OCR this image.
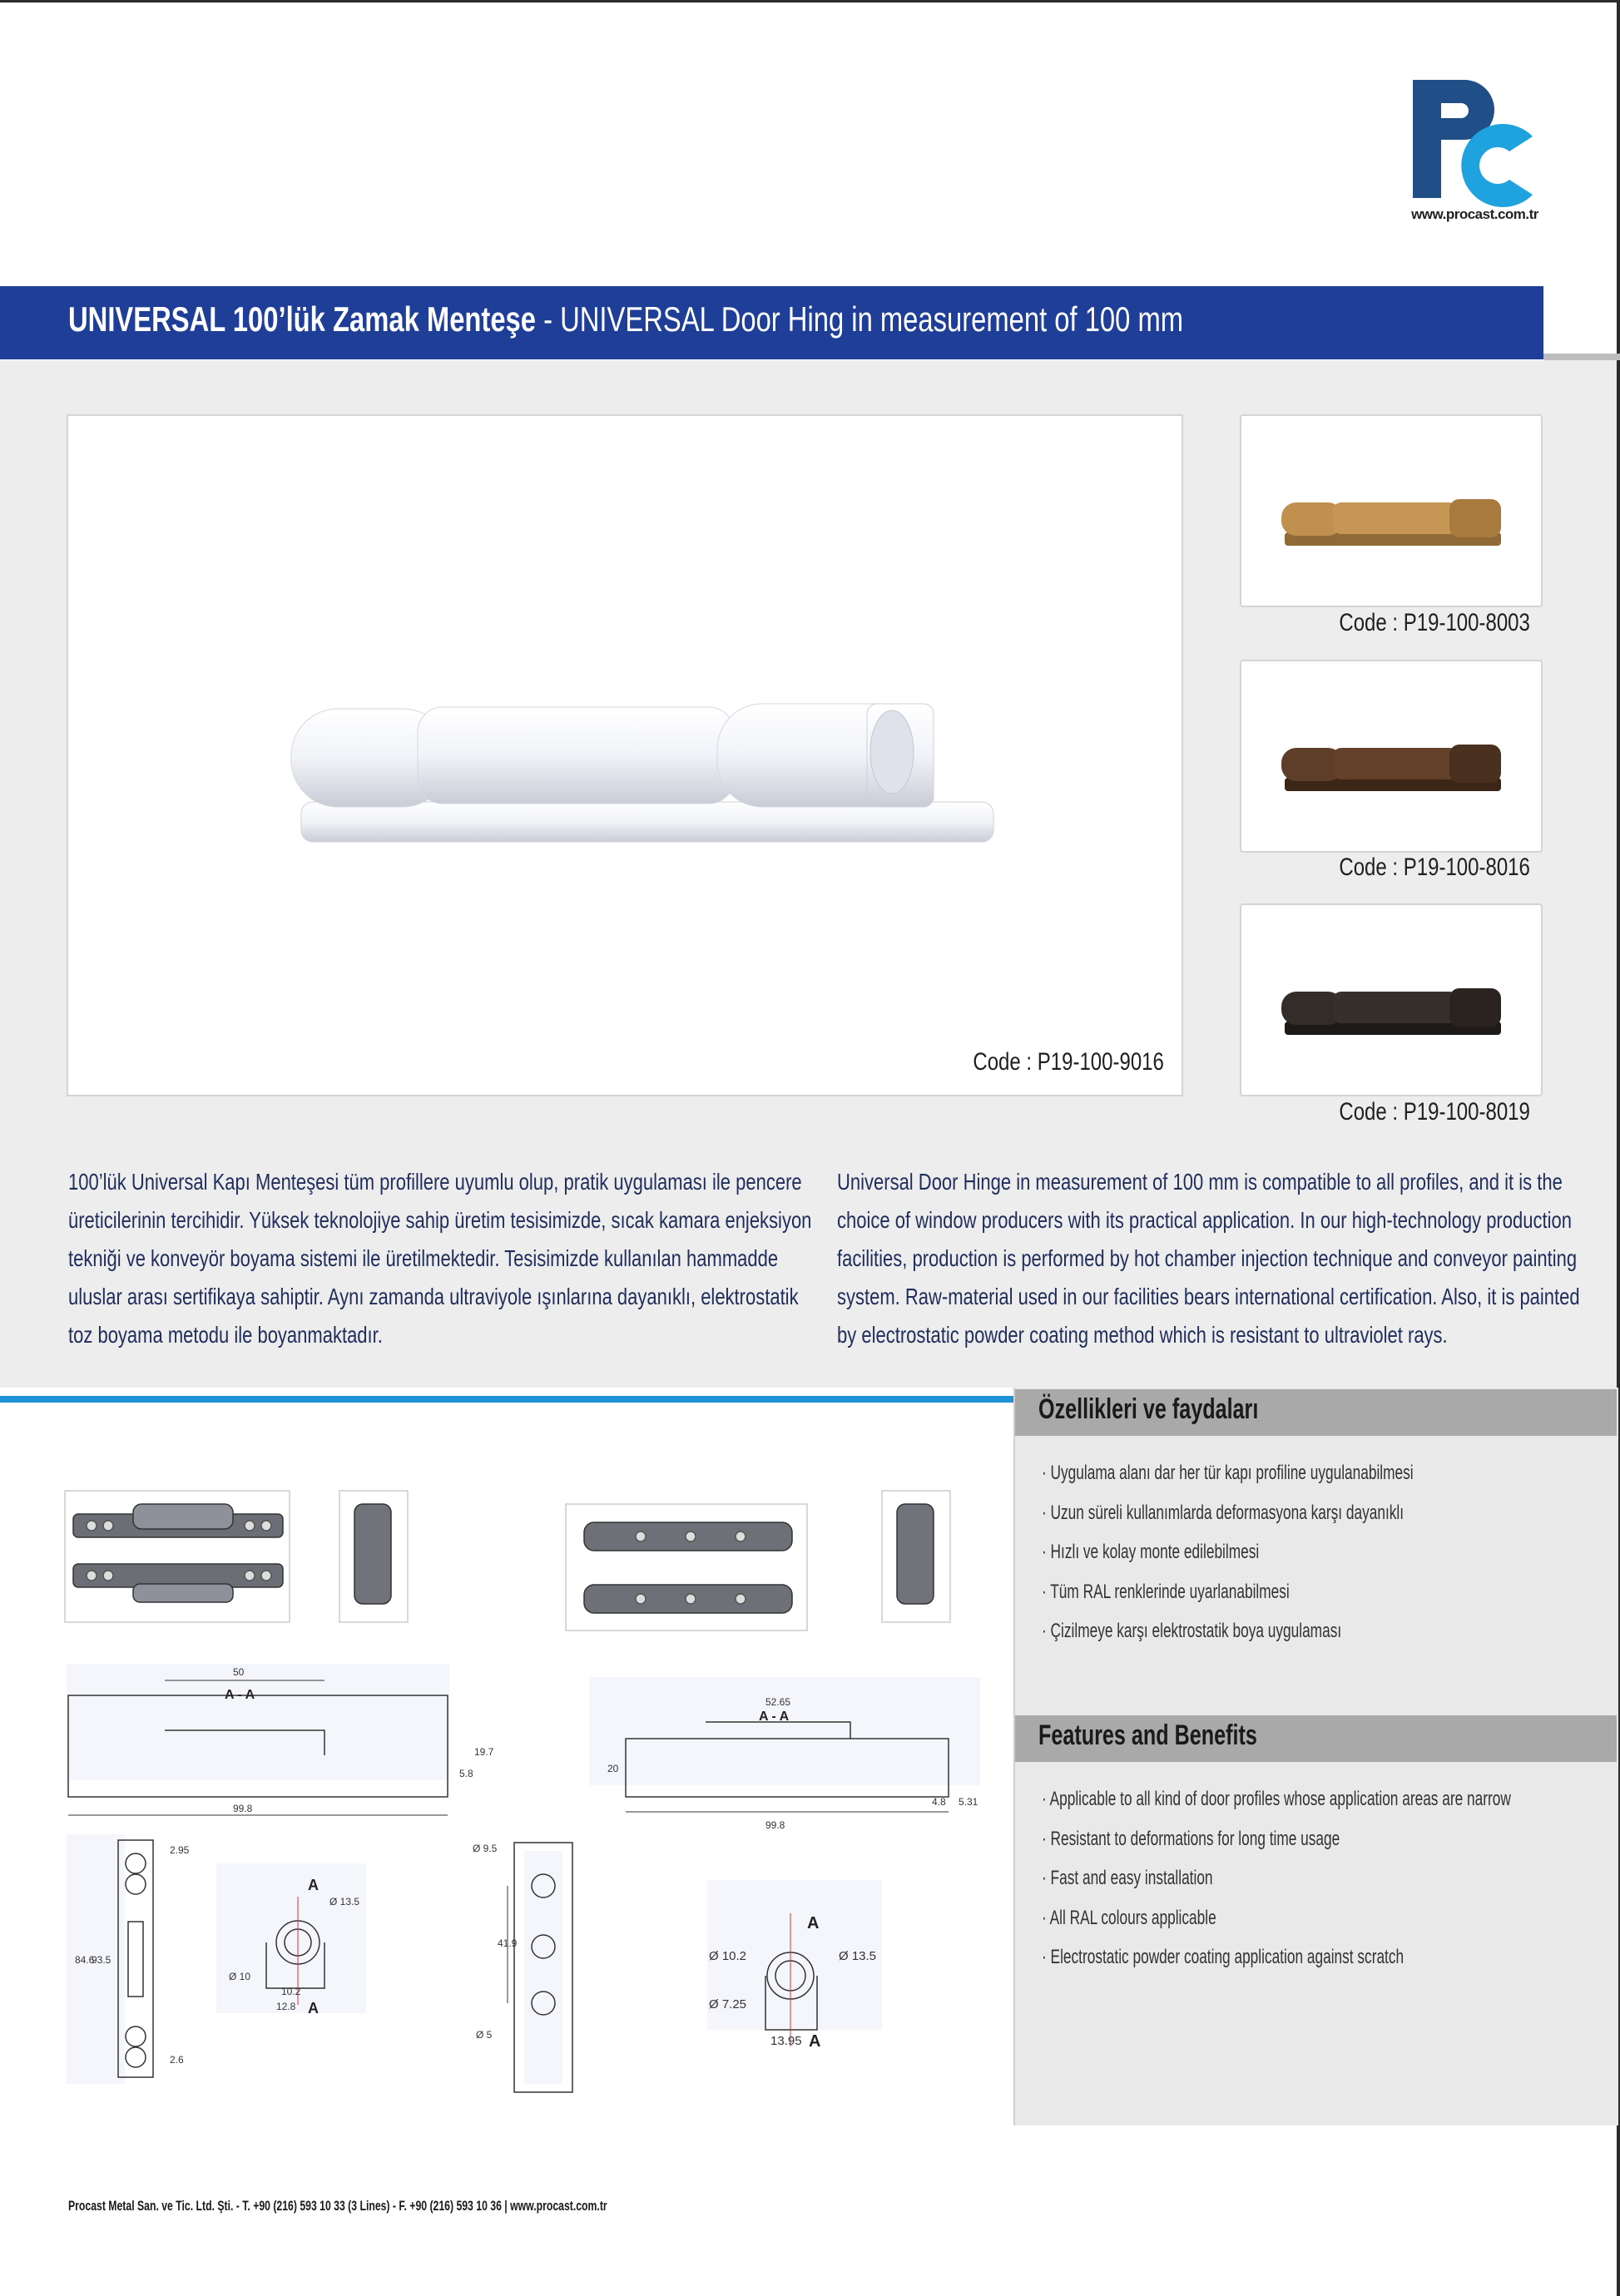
www.procast.com.tr
UNIVERSAL 100’lük Zamak Menteşe - UNIVERSAL Door Hing in measurement of 100 mm
Code : P19-100-9016
Code : P19-100-8003
Code : P19-100-8016
Code : P19-100-8019
100’lük Universal Kapı Menteşesi tüm profillere uyumlu olup, pratik uygulaması ile pencere
üreticilerinin tercihidir. Yüksek teknolojiye sahip üretim tesisimizde, sıcak kamara enjeksiyon
tekniği ve konveyör boyama sistemi ile üretilmektedir. Tesisimizde kullanılan hammadde
uluslar arası sertifikaya sahiptir. Aynı zamanda ultraviyole ışınlarına dayanıklı, elektrostatik
toz boyama metodu ile boyanmaktadır.
Universal Door Hinge in measurement of 100 mm is compatible to all profiles, and it is the
choice of window producers with its practical application. In our high-technology production
facilities, production is performed by hot chamber injection technique and conveyor painting
system. Raw-material used in our facilities bears international certification. Also, it is painted
by electrostatic powder coating method which is resistant to ultraviolet rays.
Özellikleri ve faydaları
· Uygulama alanı dar her tür kapı profiline uygulanabilmesi
· Uzun süreli kullanımlarda deformasyona karşı dayanıklı
· Hızlı ve kolay monte edilebilmesi
· Tüm RAL renklerinde uyarlanabilmesi
· Çizilmeye karşı elektrostatik boya uygulaması
Features and Benefits
· Applicable to all kind of door profiles whose application areas are narrow
· Resistant to deformations for long time usage
· Fast and easy installation
· All RAL colours applicable
· Electrostatic powder coating application against scratch
A - A
50
99.8
19.7
5.8
2.95
2.6
84.6
93.5
A
Ø 13.5
Ø 10
10.2
12.8 A
Ø 9.5
41.9
Ø 5
A - A
52.65
99.8
20
4.8 5.31
A
Ø 10.2	Ø 13.5
Ø 7.25
13.95 A
Procast Metal San. ve Tic. Ltd. Şti. - T. +90 (216) 593 10 33 (3 Lines) - F. +90 (216) 593 10 36 | www.procast.com.tr
